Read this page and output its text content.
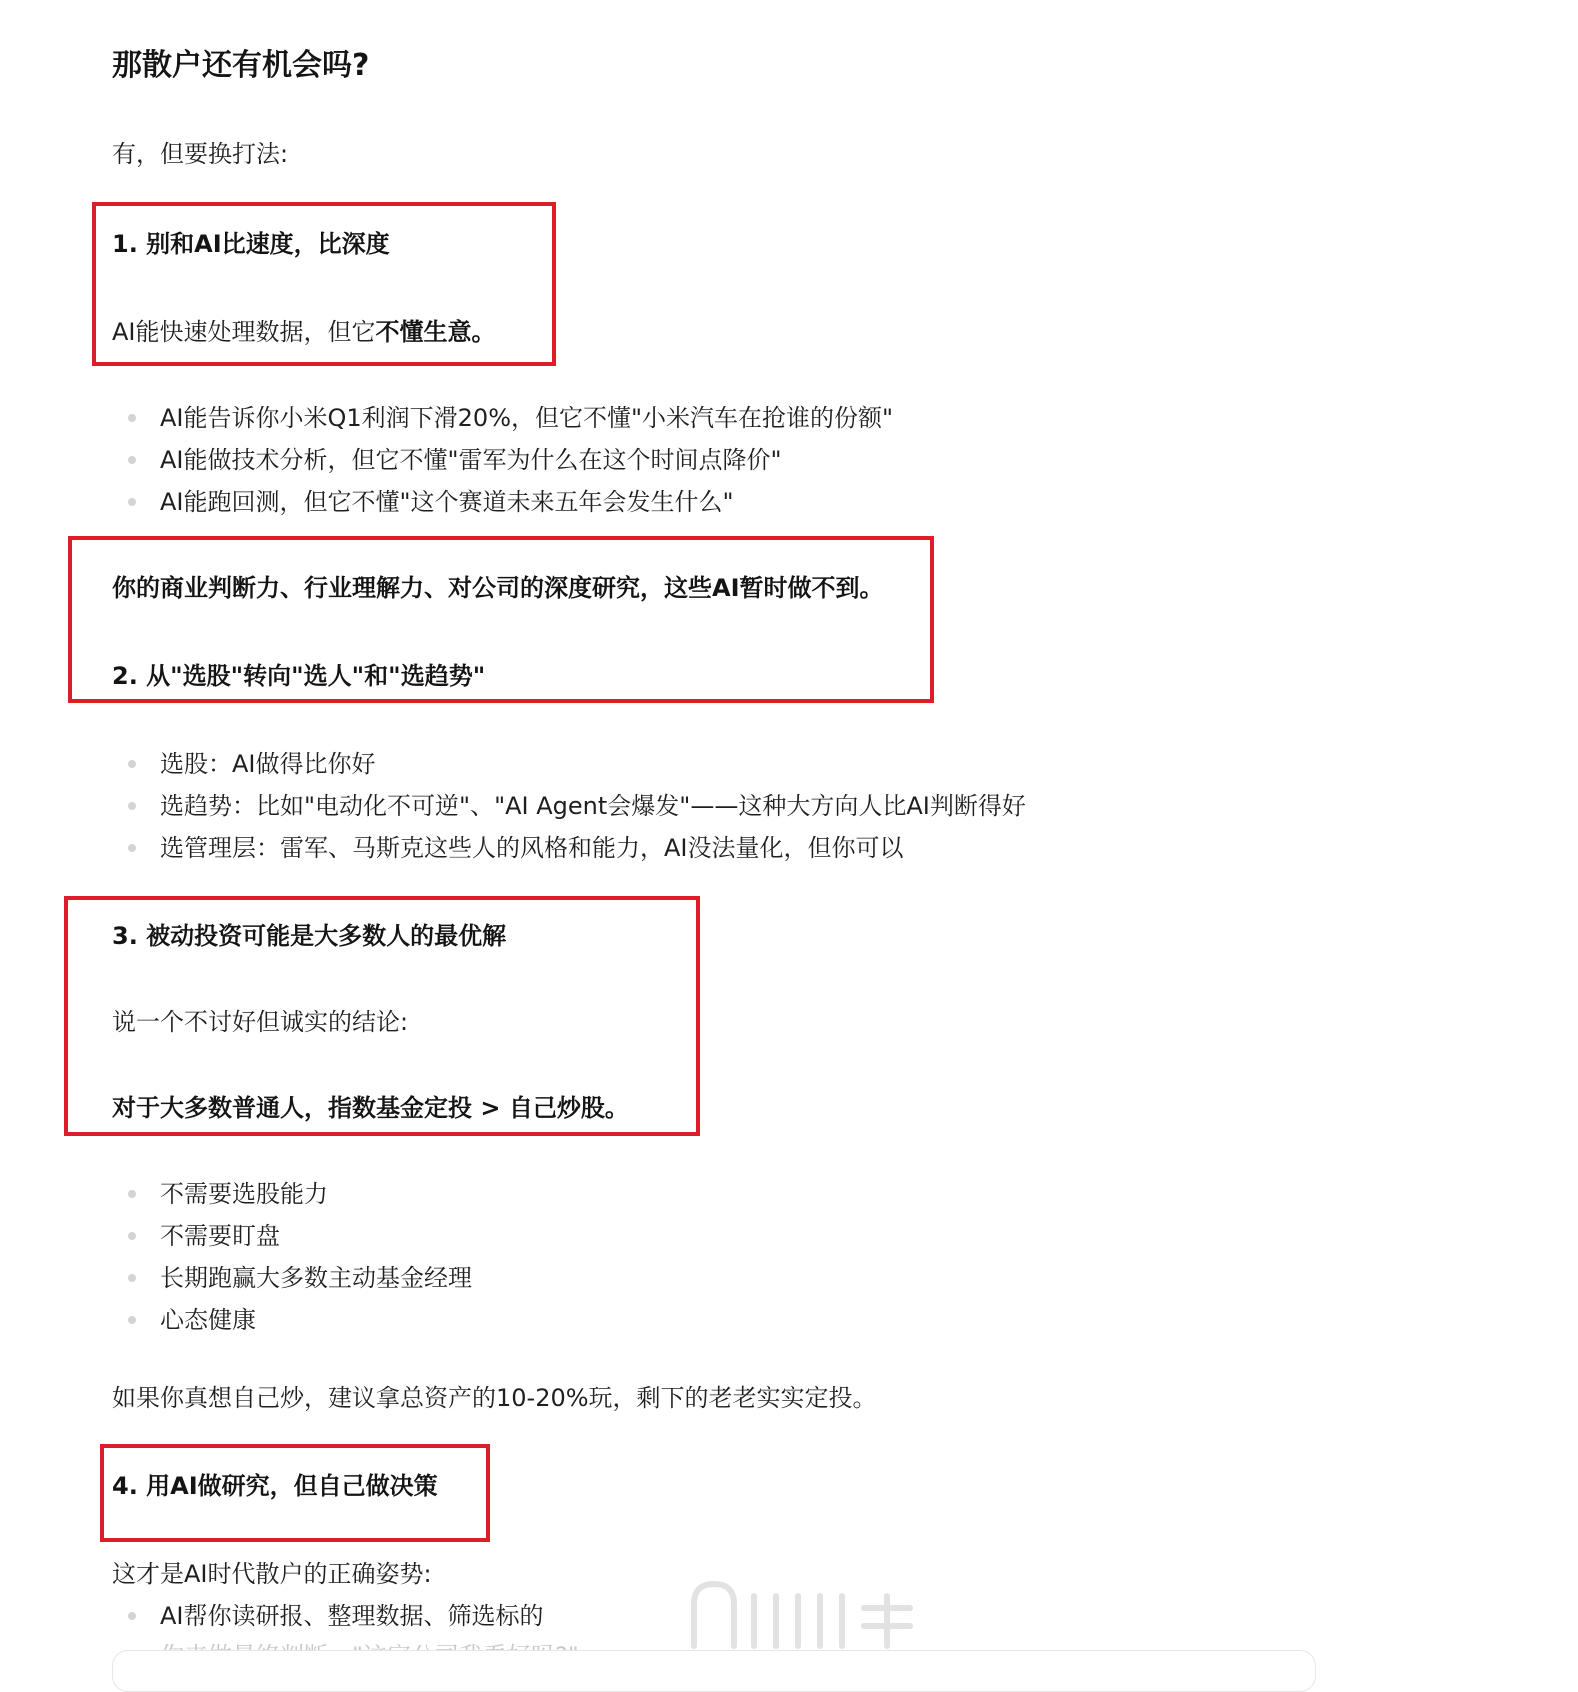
那散户还有机会吗?
有，但要换打法:
1. 别和AI比速度，比深度
AI能快速处理数据，但它不懂生意。
AI能告诉你小米Q1利润下滑20%，但它不懂"小米汽车在抢谁的份额"
AI能做技术分析，但它不懂"雷军为什么在这个时间点降价"
AI能跑回测，但它不懂"这个赛道未来五年会发生什么"
你的商业判断力、行业理解力、对公司的深度研究，这些AI暂时做不到。
2. 从"选股"转向"选人"和"选趋势"
选股：AI做得比你好
选趋势：比如"电动化不可逆"、"AI Agent会爆发"——这种大方向人比AI判断得好
选管理层：雷军、马斯克这些人的风格和能力，AI没法量化，但你可以
3. 被动投资可能是大多数人的最优解
说一个不讨好但诚实的结论:
对于大多数普通人，指数基金定投 > 自己炒股。
不需要选股能力
不需要盯盘
长期跑赢大多数主动基金经理
心态健康
如果你真想自己炒，建议拿总资产的10-20%玩，剩下的老老实实定投。
4. 用AI做研究，但自己做决策
这才是AI时代散户的正确姿势:
AI帮你读研报、整理数据、筛选标的
